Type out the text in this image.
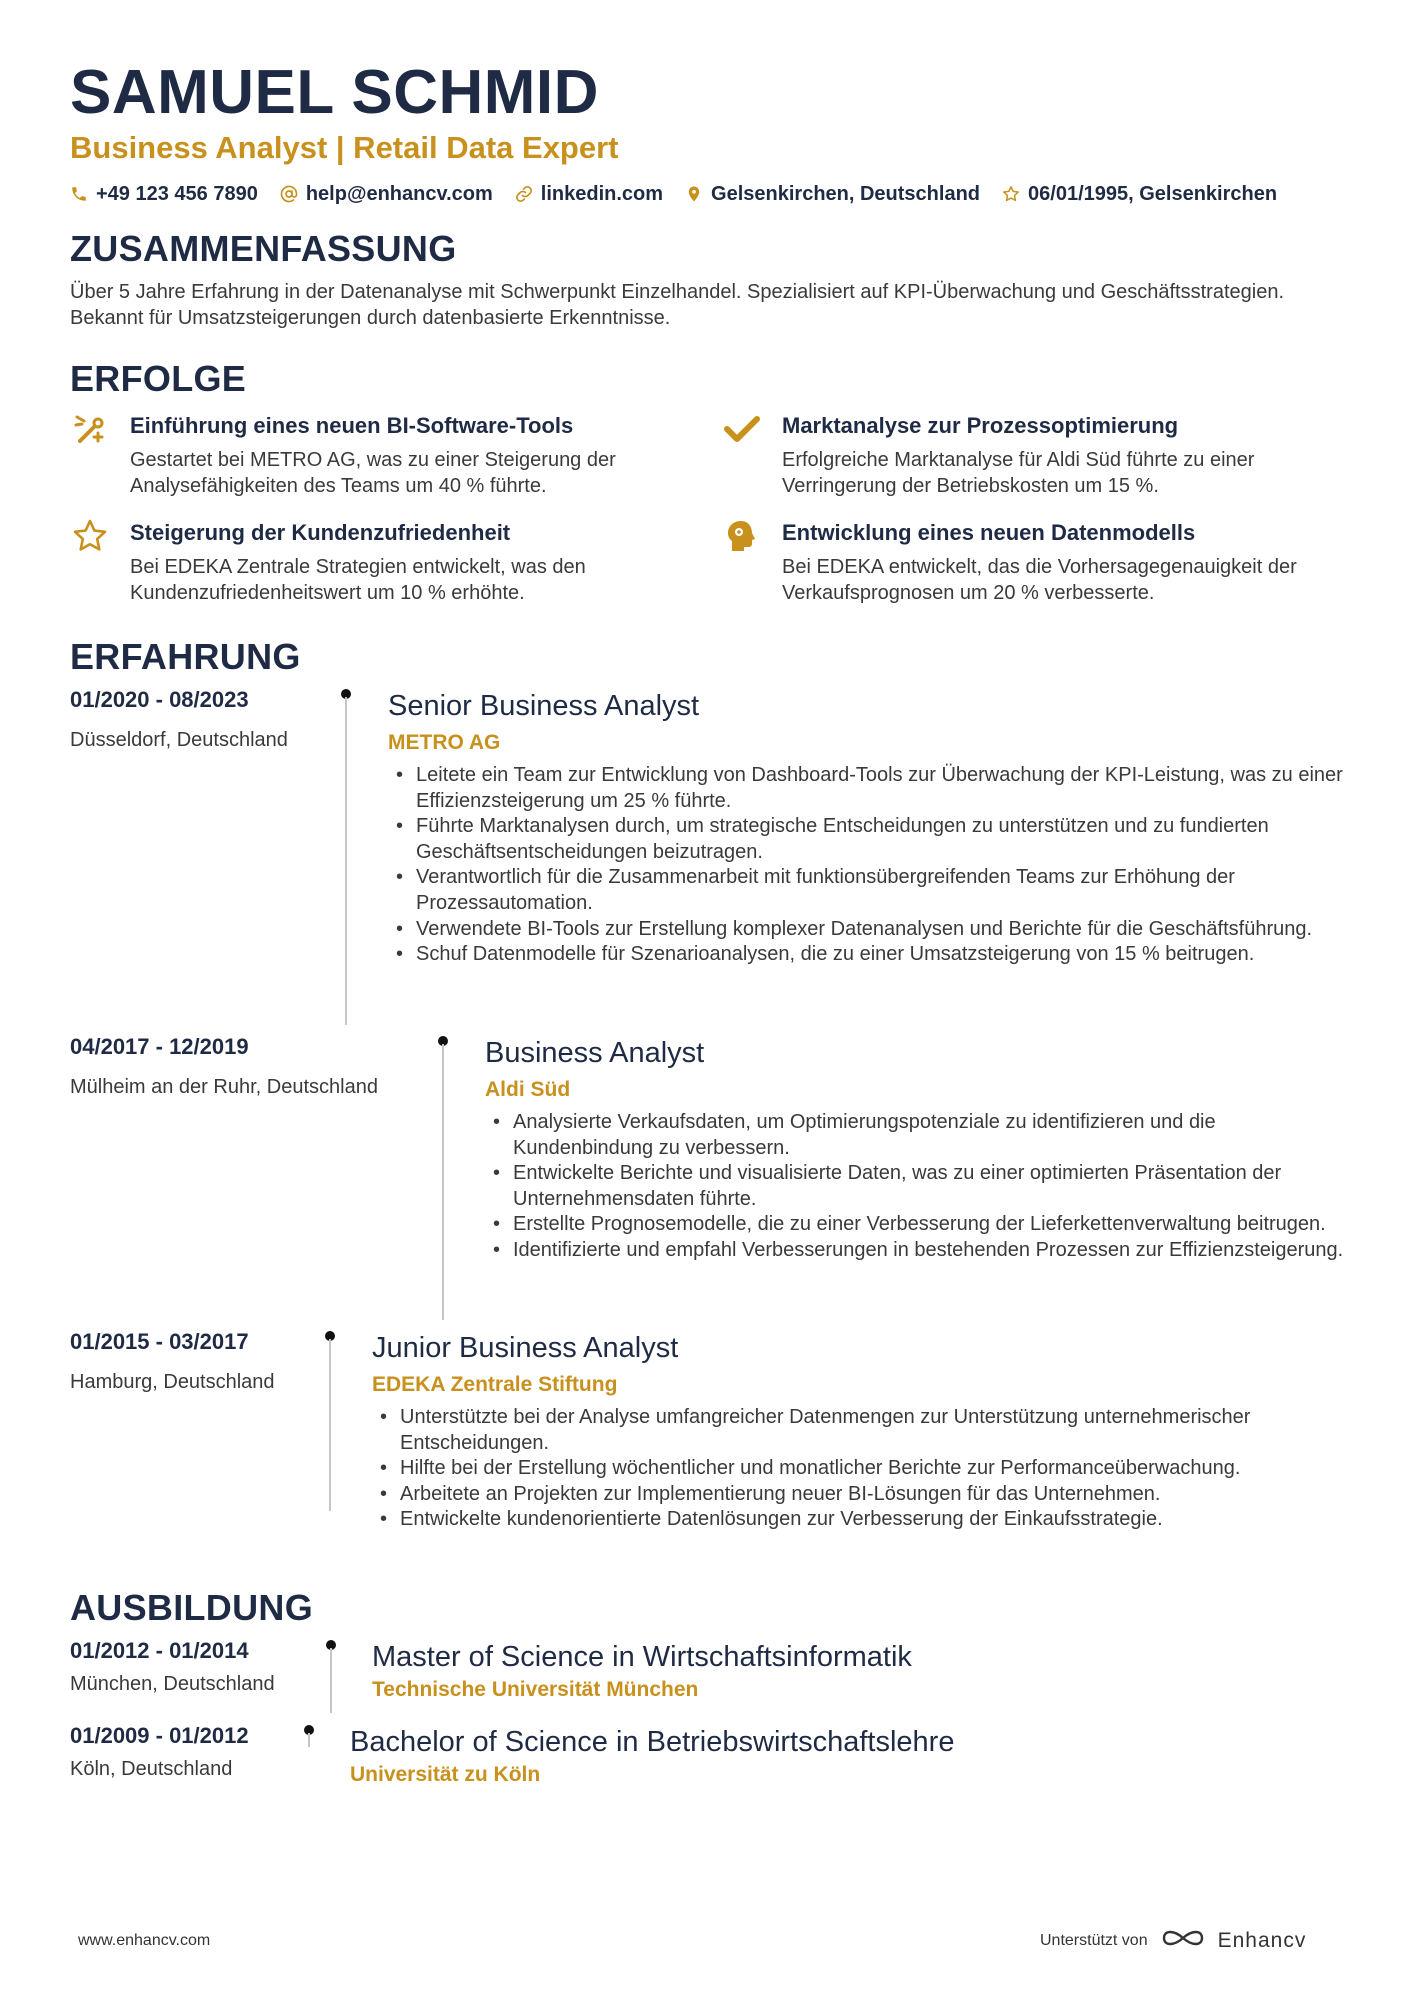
SAMUEL SCHMID
Business Analyst | Retail Data Expert
+49 123 456 7890 help@enhancv.com linkedin.com Gelsenkirchen, Deutschland 06/01/1995, Gelsenkirchen
ZUSAMMENFASSUNG
Über 5 Jahre Erfahrung in der Datenanalyse mit Schwerpunkt Einzelhandel. Spezialisiert auf KPI-Überwachung und Geschäftsstrategien. Bekannt für Umsatzsteigerungen durch datenbasierte Erkenntnisse.
ERFOLGE
Einführung eines neuen BI-Software-Tools
Gestartet bei METRO AG, was zu einer Steigerung der Analysefähigkeiten des Teams um 40 % führte.
Marktanalyse zur Prozessoptimierung
Erfolgreiche Marktanalyse für Aldi Süd führte zu einer Verringerung der Betriebskosten um 15 %.
Steigerung der Kundenzufriedenheit
Bei EDEKA Zentrale Strategien entwickelt, was den Kundenzufriedenheitswert um 10 % erhöhte.
Entwicklung eines neuen Datenmodells
Bei EDEKA entwickelt, das die Vorhersagegenauigkeit der Verkaufsprognosen um 20 % verbesserte.
ERFAHRUNG
01/2020 - 08/2023
Düsseldorf, Deutschland
Senior Business Analyst
METRO AG
• Leitete ein Team zur Entwicklung von Dashboard-Tools zur Überwachung der KPI-Leistung, was zu einer Effizienzsteigerung um 25 % führte.
• Führte Marktanalysen durch, um strategische Entscheidungen zu unterstützen und zu fundierten Geschäftsentscheidungen beizutragen.
• Verantwortlich für die Zusammenarbeit mit funktionsübergreifenden Teams zur Erhöhung der Prozessautomation.
• Verwendete BI-Tools zur Erstellung komplexer Datenanalysen und Berichte für die Geschäftsführung.
• Schuf Datenmodelle für Szenarioanalysen, die zu einer Umsatzsteigerung von 15 % beitrugen.
04/2017 - 12/2019
Mülheim an der Ruhr, Deutschland
Business Analyst
Aldi Süd
• Analysierte Verkaufsdaten, um Optimierungspotenziale zu identifizieren und die Kundenbindung zu verbessern.
• Entwickelte Berichte und visualisierte Daten, was zu einer optimierten Präsentation der Unternehmensdaten führte.
• Erstellte Prognosemodelle, die zu einer Verbesserung der Lieferkettenverwaltung beitrugen.
• Identifizierte und empfahl Verbesserungen in bestehenden Prozessen zur Effizienzsteigerung.
01/2015 - 03/2017
Hamburg, Deutschland
Junior Business Analyst
EDEKA Zentrale Stiftung
• Unterstützte bei der Analyse umfangreicher Datenmengen zur Unterstützung unternehmerischer Entscheidungen.
• Hilfte bei der Erstellung wöchentlicher und monatlicher Berichte zur Performanceüberwachung.
• Arbeitete an Projekten zur Implementierung neuer BI-Lösungen für das Unternehmen.
• Entwickelte kundenorientierte Datenlösungen zur Verbesserung der Einkaufsstrategie.
AUSBILDUNG
01/2012 - 01/2014
München, Deutschland
Master of Science in Wirtschaftsinformatik
Technische Universität München
01/2009 - 01/2012
Köln, Deutschland
Bachelor of Science in Betriebswirtschaftslehre
Universität zu Köln
www.enhancv.com	Unterstützt von	Enhancv
